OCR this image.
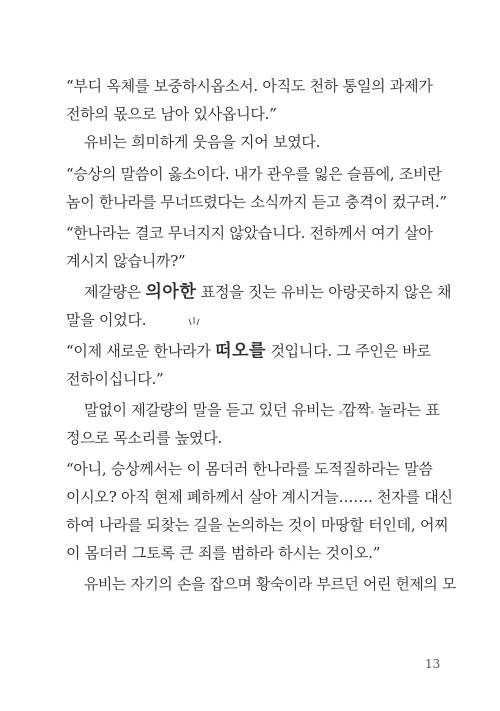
“부디 옥체를 보중하시옵소서. 아직도 천하 통일의 과제가
전하의 몫으로 남아 있사옵니다.”
유비는 희미하게 웃음을 지어 보였다.
“승상의 말씀이 옳소이다. 내가 관우를 잃은 슬픔에, 조비란
놈이 한나라를 무너뜨렸다는 소식까지 듣고 충격이 컸구려.”
“한나라는 결코 무너지지 않았습니다. 전하께서 여기 살아
계시지 않습니까?”
제갈량은 의아한 표정을 짓는 유비는 아랑곳하지 않은 채
말을 이었다.
“이제 새로운 한나라가 떠오를 것입니다. 그 주인은 바로
전하이십니다.”
말없이 제갈량의 말을 듣고 있던 유비는 ⸗깜짝⸗ 놀라는 표
정으로 목소리를 높였다.
“아니, 승상께서는 이 몸더러 한나라를 도적질하라는 말씀
이시오? 아직 현제 폐하께서 살아 계시거늘……. 천자를 대신
하여 나라를 되찾는 길을 논의하는 것이 마땅할 터인데, 어찌
이 몸더러 그토록 큰 죄를 범하라 하시는 것이오.”
유비는 자기의 손을 잡으며 황숙이라 부르던 어린 헌제의 모
13
